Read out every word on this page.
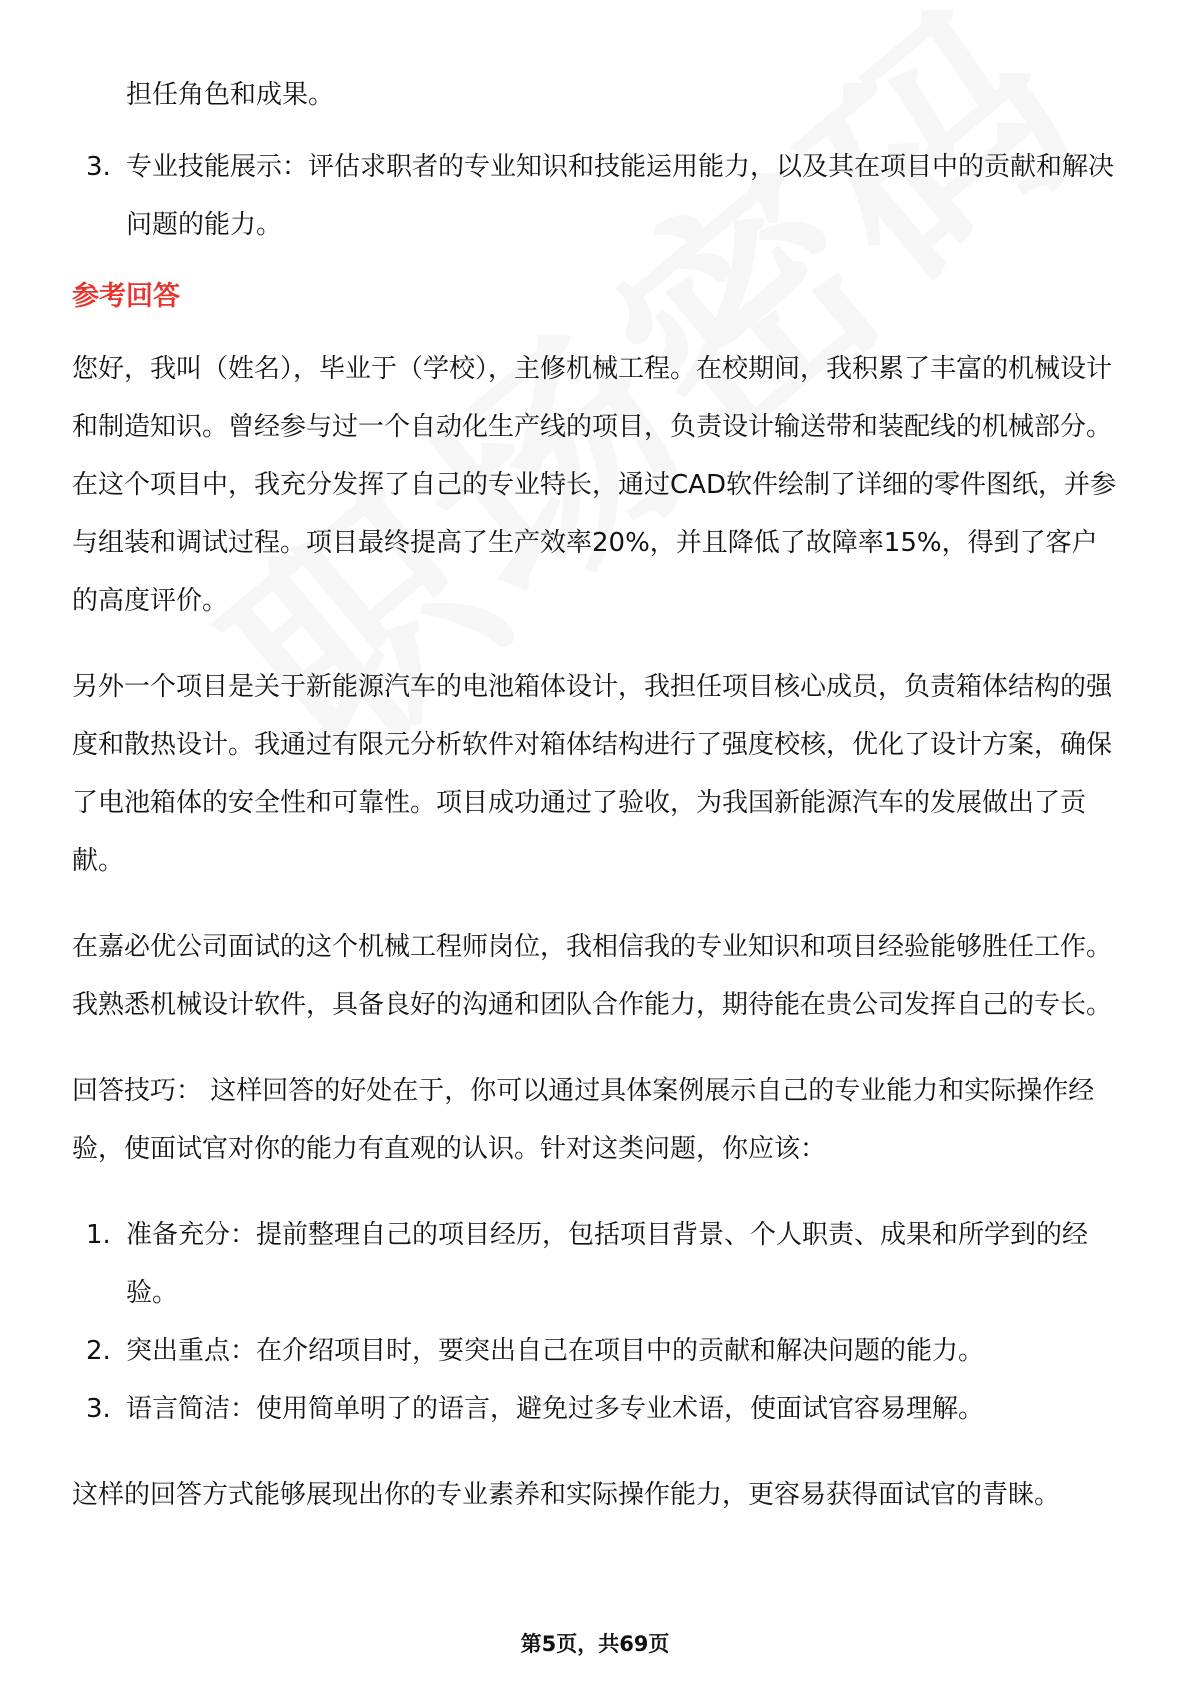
担任角色和成果。
3. 专业技能展示：评估求职者的专业知识和技能运用能力，以及其在项目中的贡献和解决问题的能力。
参考回答

您好，我叫（姓名），毕业于（学校），主修机械工程。在校期间，我积累了丰富的机械设计和制造知识。曾经参与过一个自动化生产线的项目，负责设计输送带和装配线的机械部分。在这个项目中，我充分发挥了自己的专业特长，通过CAD软件绘制了详细的零件图纸，并参与组装和调试过程。项目最终提高了生产效率20%，并且降低了故障率15%，得到了客户的高度评价。

另外一个项目是关于新能源汽车的电池箱体设计，我担任项目核心成员，负责箱体结构的强度和散热设计。我通过有限元分析软件对箱体结构进行了强度校核，优化了设计方案，确保了电池箱体的安全性和可靠性。项目成功通过了验收，为我国新能源汽车的发展做出了贡献。

在嘉必优公司面试的这个机械工程师岗位，我相信我的专业知识和项目经验能够胜任工作。我熟悉机械设计软件，具备良好的沟通和团队合作能力，期待能在贵公司发挥自己的专长。

回答技巧： 这样回答的好处在于，你可以通过具体案例展示自己的专业能力和实际操作经验，使面试官对你的能力有直观的认识。针对这类问题，你应该：

1. 准备充分：提前整理自己的项目经历，包括项目背景、个人职责、成果和所学到的经验。
2. 突出重点：在介绍项目时，要突出自己在项目中的贡献和解决问题的能力。
3. 语言简洁：使用简单明了的语言，避免过多专业术语，使面试官容易理解。

这样的回答方式能够展现出你的专业素养和实际操作能力，更容易获得面试官的青睐。

第5页，共69页
